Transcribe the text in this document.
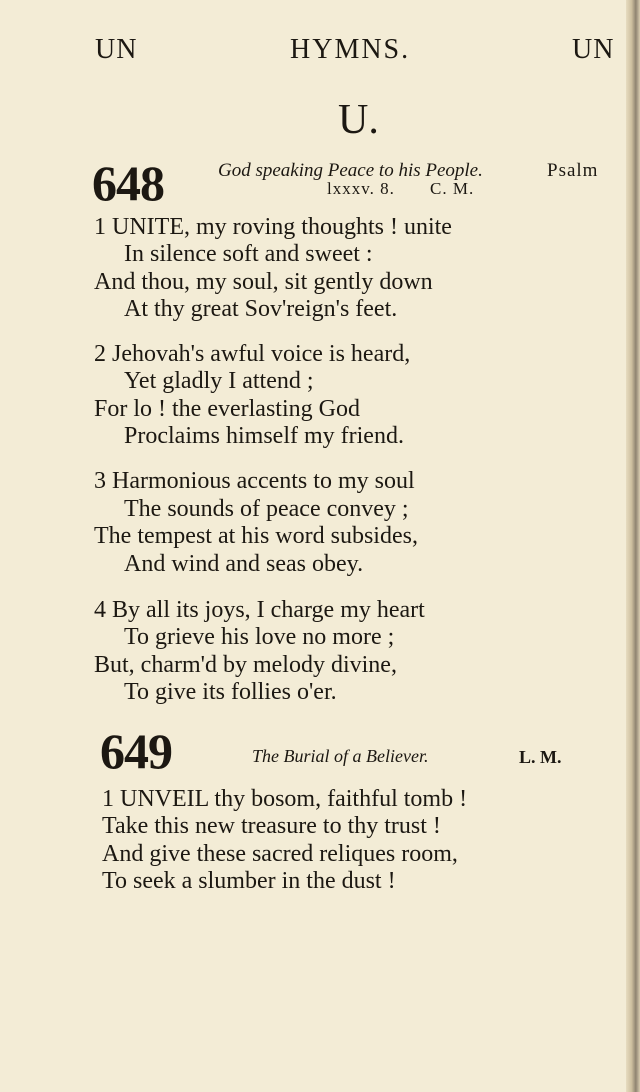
UN	HYMNS.	UN
U.
648	God speaking Peace to his People.	Psalm
lxxxv. 8. C. M.
1 UNITE, my roving thoughts ! unite
In silence soft and sweet :
And thou, my soul, sit gently down
At thy great Sov'reign's feet.
2 Jehovah's awful voice is heard,
Yet gladly I attend ;
For lo ! the everlasting God
Proclaims himself my friend.
3 Harmonious accents to my soul
The sounds of peace convey ;
The tempest at his word subsides,
And wind and seas obey.
4 By all its joys, I charge my heart
To grieve his love no more ;
But, charm'd by melody divine,
To give its follies o'er.
649	The Burial of a Believer.	L. M.
1 UNVEIL thy bosom, faithful tomb !
Take this new treasure to thy trust !
And give these sacred reliques room,
To seek a slumber in the dust !
